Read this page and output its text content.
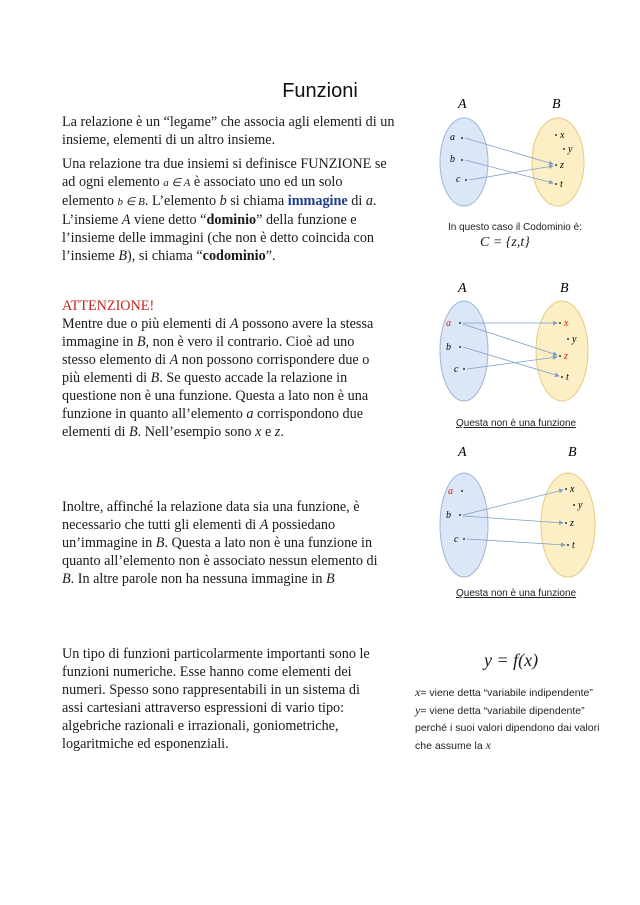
Funzioni
La relazione è un “legame” che associa agli elementi di un insieme, elementi di un altro insieme.
Una relazione tra due insiemi si definisce FUNZIONE se
ad ogni elemento a ∈ A è associato uno ed un solo
elemento b ∈ B. L’elemento b si chiama immagine di a.
L’insieme A viene detto “dominio” della funzione e
l’insieme delle immagini (che non è detto coincida con
l’insieme B), si chiama “codominio”.
ATTENZIONE!
Mentre due o più elementi di A possono avere la stessa
immagine in B, non è vero il contrario. Cioè ad uno
stesso elemento di A non possono corrispondere due o
più elementi di B. Se questo accade la relazione in
questione non è una funzione. Questa a lato non è una
funzione in quanto all’elemento a corrispondono due
elementi di B. Nell’esempio sono x e z.
Inoltre, affinché la relazione data sia una funzione, è
necessario che tutti gli elementi di A possiedano
un’immagine in B. Questa a lato non è una funzione in
quanto all’elemento non è associato nessun elemento di
B. In altre parole non ha nessuna immagine in B
Un tipo di funzioni particolarmente importanti sono le
funzioni numeriche. Esse hanno come elementi dei
numeri. Spesso sono rappresentabili in un sistema di
assi cartesiani attraverso espressioni di vario tipo:
algebriche razionali e irrazionali, goniometriche,
logaritmiche ed esponenziali.
A	B
a
b
c
x
y
z
t
In questo caso il Codominio è:
C = {z,t}
A	B
a
b
c
x
y
z
t
Questa non è una funzione
A	B
a
b
c
x
y
z
t
Questa non è una funzione
y = f(x)
x= viene detta “variabile indipendente”
y= viene detta “variabile dipendente”
perché i suoi valori dipendono dai valori
che assume la x
